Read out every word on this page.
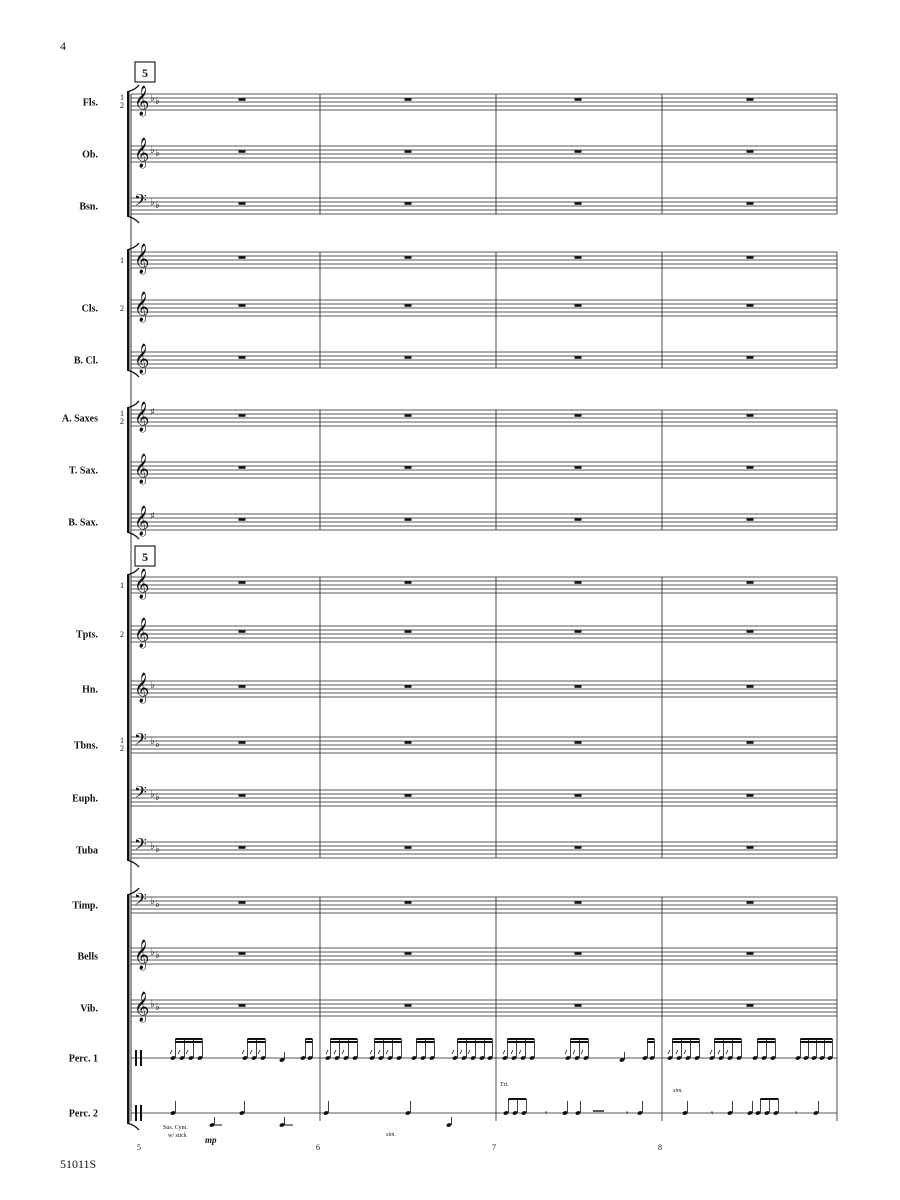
4
51011S
5
5
Fls.	1
2 𝄞 ♭ ♭
Ob. 𝄞 ♭ ♭
Bsn. 𝄢 ♭ ♭
1 𝄞
Cls.	2 𝄞
B. Cl. 𝄞
A. Saxes	1
2 𝄞 ♯
T. Sax. 𝄞
B. Sax. 𝄞 ♯
1 𝄞
Tpts.	2 𝄞
Hn. 𝄞 ♭
Tbns.	1
2 𝄢 ♭ ♭
Euph. 𝄢 ♭ ♭
Tuba 𝄢 ♭ ♭
Timp. 𝄢 ♭ ♭
Bells 𝄞 ♭ ♭
Vib. 𝄞 ♭ ♭
Perc. 1
Perc. 2	𝄾	𝄾	𝄾	𝄾
5	6	7	8
Sus. Cym.
w/ stick mp	sim.
Tri.
sim.
